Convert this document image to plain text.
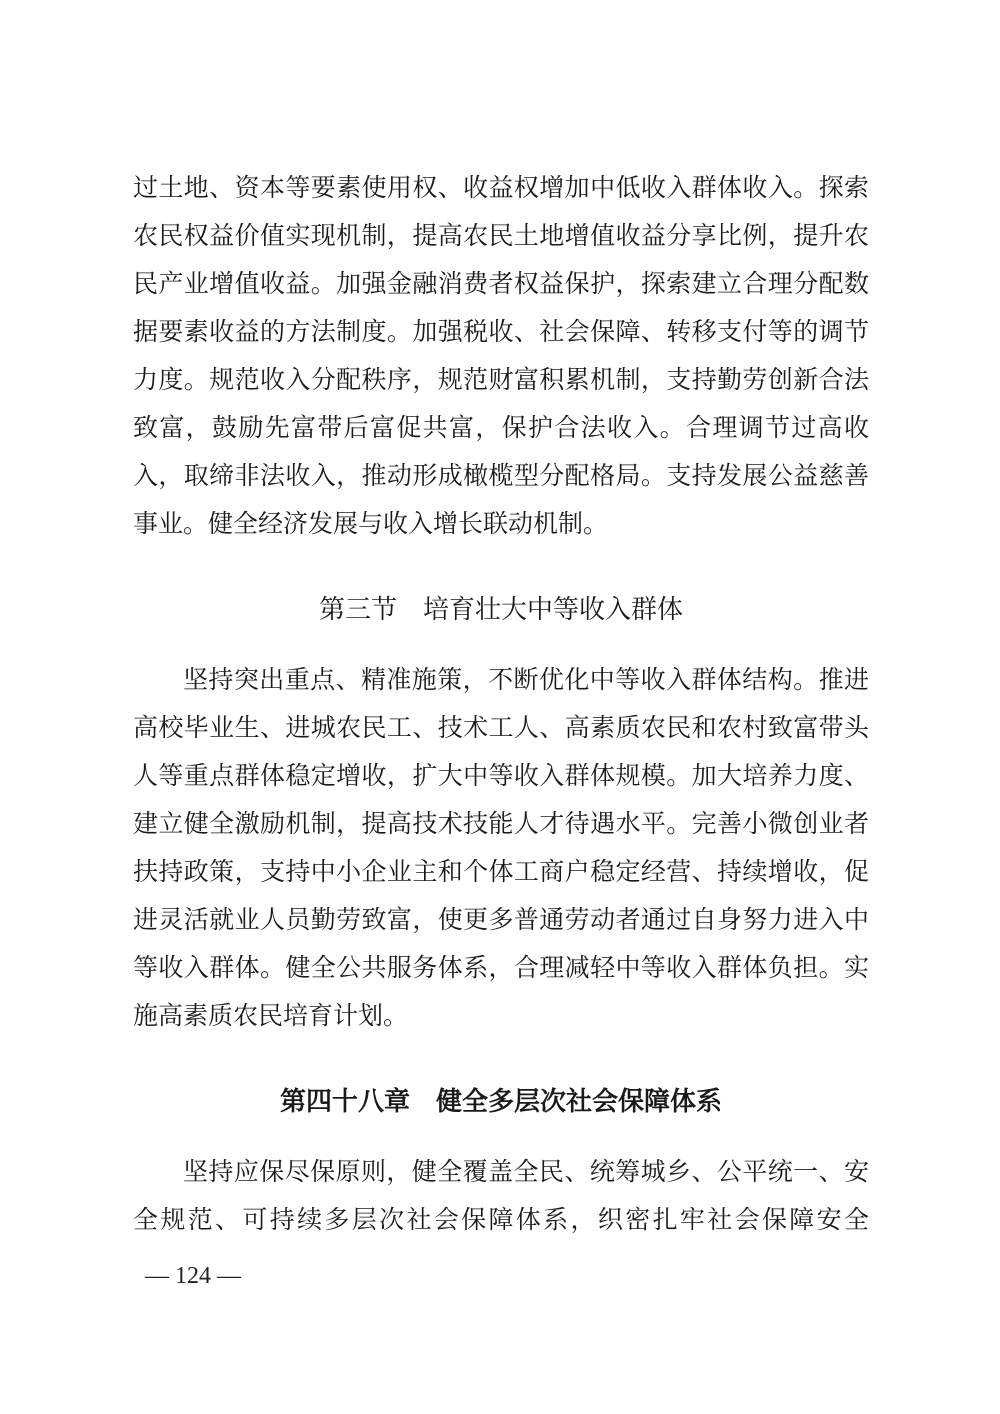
过土地、资本等要素使用权、收益权增加中低收入群体收入。探索农民权益价值实现机制，提高农民土地增值收益分享比例，提升农民产业增值收益。加强金融消费者权益保护，探索建立合理分配数据要素收益的方法制度。加强税收、社会保障、转移支付等的调节力度。规范收入分配秩序，规范财富积累机制，支持勤劳创新合法致富，鼓励先富带后富促共富，保护合法收入。合理调节过高收入，取缔非法收入，推动形成橄榄型分配格局。支持发展公益慈善事业。健全经济发展与收入增长联动机制。

第三节　培育壮大中等收入群体

坚持突出重点、精准施策，不断优化中等收入群体结构。推进高校毕业生、进城农民工、技术工人、高素质农民和农村致富带头人等重点群体稳定增收，扩大中等收入群体规模。加大培养力度、建立健全激励机制，提高技术技能人才待遇水平。完善小微创业者扶持政策，支持中小企业主和个体工商户稳定经营、持续增收，促进灵活就业人员勤劳致富，使更多普通劳动者通过自身努力进入中等收入群体。健全公共服务体系，合理减轻中等收入群体负担。实施高素质农民培育计划。

第四十八章　健全多层次社会保障体系

坚持应保尽保原则，健全覆盖全民、统筹城乡、公平统一、安全规范、可持续多层次社会保障体系，织密扎牢社会保障安全

— 124 —
